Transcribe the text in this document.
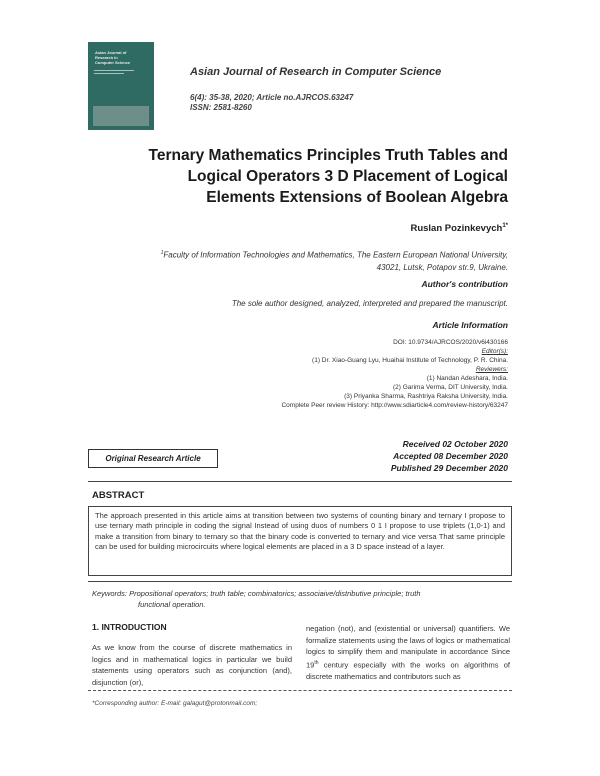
Asian Journal of
Research in
Computer Science
Asian Journal of Research in Computer Science
6(4): 35-38, 2020; Article no.AJRCOS.63247
ISSN: 2581-8260
Ternary Mathematics Principles Truth Tables and
Logical Operators 3 D Placement of Logical
Elements Extensions of Boolean Algebra
Ruslan Pozinkevych$^{1*}$
$^1$Faculty of Information Technologies and Mathematics, The Eastern European National University,
43021, Lutsk, Potapov str.9, Ukraine.
Author's contribution
The sole author designed, analyzed, interpreted and prepared the manuscript.
Article Information
DOI: 10.9734/AJRCOS/2020/v6i430166
Editor(s):
(1) Dr. Xiao-Guang Lyu, Huaihai Institute of Technology, P. R. China.
Reviewers:
(1) Nandan Adeshara, India.
(2) Garima Verma, DIT University, India.
(3) Priyanka Sharma, Rashtriya Raksha University, India.
Complete Peer review History: http://www.sdiarticle4.com/review-history/63247
Received 02 October 2020
Accepted 08 December 2020
Published 29 December 2020
Original Research Article
ABSTRACT
The approach presented in this article aims at transition between two systems of counting binary and ternary I propose to use ternary math principle in coding the signal Instead of using duos of numbers 0 1 I propose to use triplets (1,0-1) and make a transition from binary to ternary so that the binary code is converted to ternary and vice versa That same principle can be used for building microcircuits where logical elements are placed in a 3 D space instead of a layer.
Keywords: Propositional operators; truth table; combinatorics; associaive/distributive principle; truth
functional operation.
1. INTRODUCTION
As we know from the course of discrete mathematics in logics and in mathematical logics in particular we build statements using operators such as conjunction (and), disjunction (or),
negation (not), and (existential or universal) quantifiers. We formalize statements using the laws of logics or mathematical logics to simplify them and manipulate in accordance Since 19th century especially with the works on algorithms of discrete mathematics and contributors such as
*Corresponding author: E-mail: galagut@protonmail.com;
